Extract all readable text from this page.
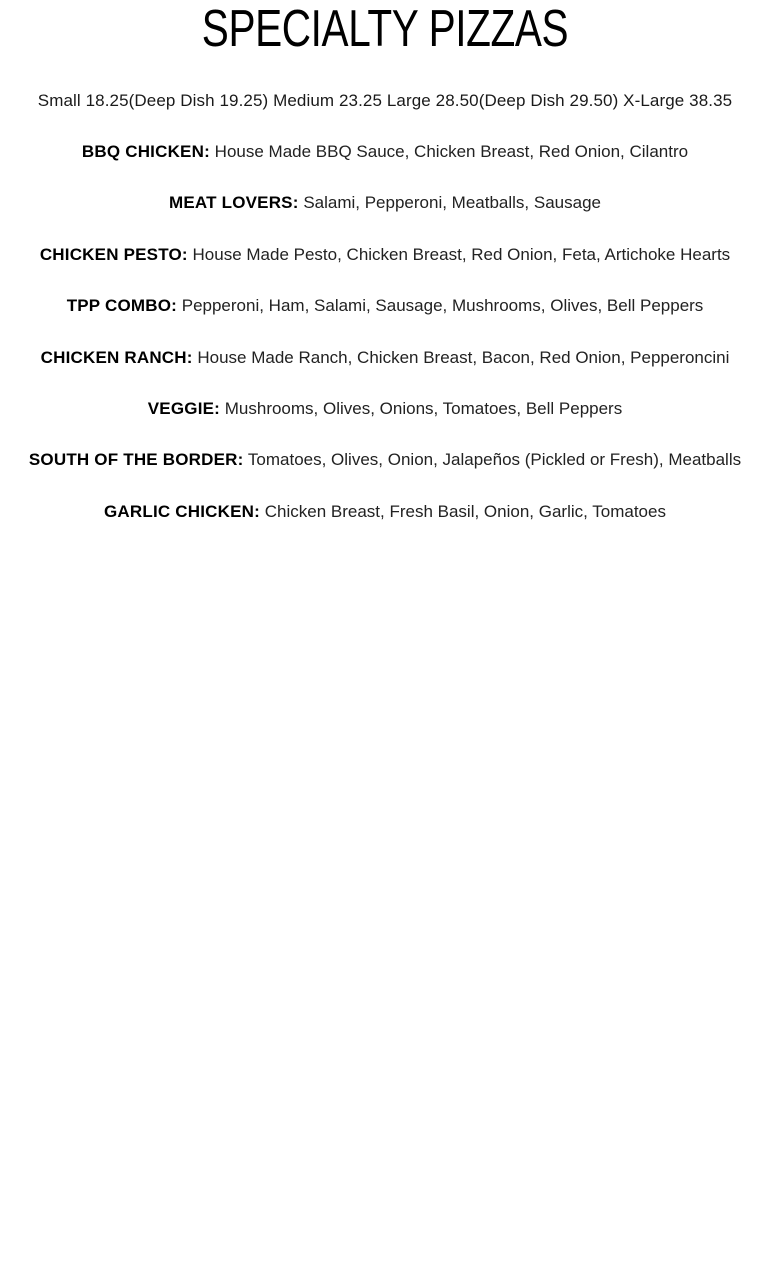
SPECIALTY PIZZAS

Small 18.25(Deep Dish 19.25) Medium 23.25 Large 28.50(Deep Dish 29.50) X-Large 38.35

BBQ CHICKEN: House Made BBQ Sauce, Chicken Breast, Red Onion, Cilantro
MEAT LOVERS: Salami, Pepperoni, Meatballs, Sausage
CHICKEN PESTO: House Made Pesto, Chicken Breast, Red Onion, Feta, Artichoke Hearts
TPP COMBO: Pepperoni, Ham, Salami, Sausage, Mushrooms, Olives, Bell Peppers
CHICKEN RANCH: House Made Ranch, Chicken Breast, Bacon, Red Onion, Pepperoncini
VEGGIE: Mushrooms, Olives, Onions, Tomatoes, Bell Peppers
SOUTH OF THE BORDER: Tomatoes, Olives, Onion, Jalapeños (Pickled or Fresh), Meatballs
GARLIC CHICKEN: Chicken Breast, Fresh Basil, Onion, Garlic, Tomatoes
